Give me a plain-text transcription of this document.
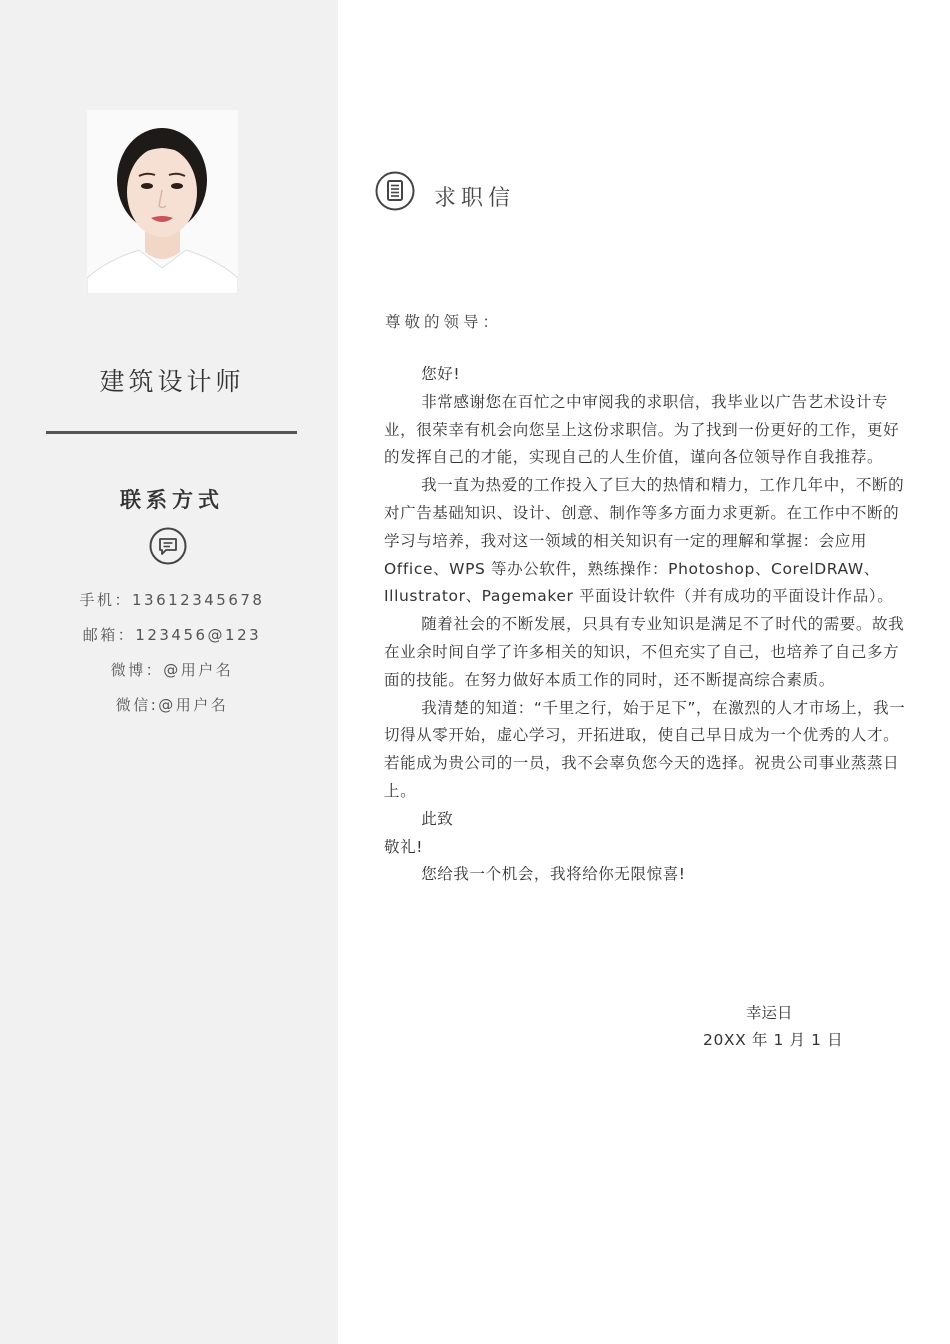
建筑设计师
联系方式
手机：13612345678
邮箱：123456@123
微博：@用户名
微信:@用户名
求职信
尊敬的领导：

您好!

非常感谢您在百忙之中审阅我的求职信，我毕业以广告艺术设计专业，很荣幸有机会向您呈上这份求职信。为了找到一份更好的工作，更好的发挥自己的才能，实现自己的人生价值，谨向各位领导作自我推荐。

我一直为热爱的工作投入了巨大的热情和精力，工作几年中，不断的对广告基础知识、设计、创意、制作等多方面力求更新。在工作中不断的学习与培养，我对这一领域的相关知识有一定的理解和掌握：会应用 Office、WPS 等办公软件，熟练操作：Photoshop、CorelDRAW、Illustrator、Pagemaker 平面设计软件（并有成功的平面设计作品）。

随着社会的不断发展，只具有专业知识是满足不了时代的需要。故我在业余时间自学了许多相关的知识，不但充实了自己，也培养了自己多方面的技能。在努力做好本质工作的同时，还不断提高综合素质。

我清楚的知道：“千里之行，始于足下”，在激烈的人才市场上，我一切得从零开始，虚心学习，开拓进取，使自己早日成为一个优秀的人才。若能成为贵公司的一员，我不会辜负您今天的选择。祝贵公司事业蒸蒸日上。

此致

敬礼!

您给我一个机会，我将给你无限惊喜!

幸运日
20XX 年 1 月 1 日
